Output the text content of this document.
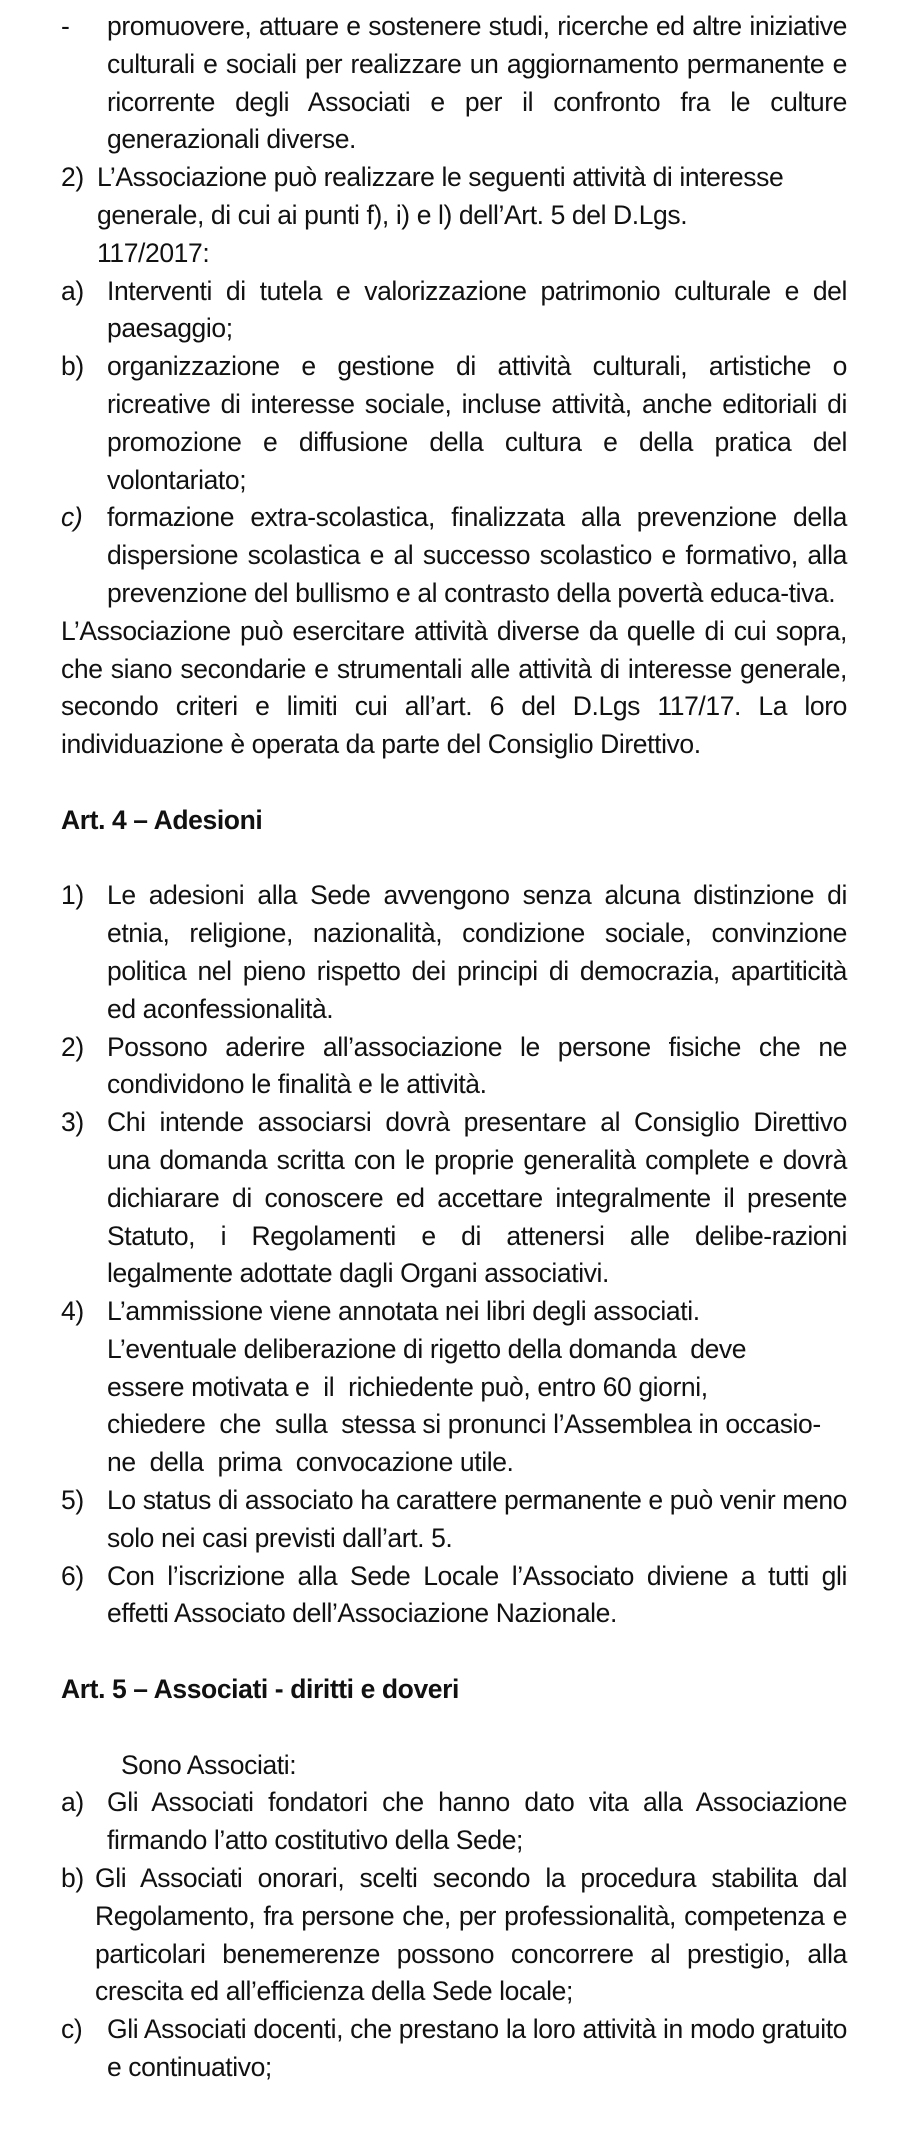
-	promuovere, attuare e sostenere studi, ricerche ed altre iniziative culturali e sociali per realizzare un aggiornamento permanente e ricorrente degli Associati e per il confronto fra le culture generazionali diverse.
2) L’Associazione può realizzare le seguenti attività di interesse generale, di cui ai punti f), i) e l) dell’Art. 5 del D.Lgs. 117/2017:
a) Interventi di tutela e valorizzazione patrimonio culturale e del paesaggio;
b) organizzazione e gestione di attività culturali, artistiche o ricreative di interesse sociale, incluse attività, anche editoriali di promozione e diffusione della cultura e della pratica del volontariato;
c) formazione extra-scolastica, finalizzata alla prevenzione della dispersione scolastica e al successo scolastico e formativo, alla prevenzione del bullismo e al contrasto della povertà educa-tiva.
L’Associazione può esercitare attività diverse da quelle di cui sopra, che siano secondarie e strumentali alle attività di interesse generale, secondo criteri e limiti cui all’art. 6 del D.Lgs 117/17. La loro individuazione è operata da parte del Consiglio Direttivo.
Art. 4 – Adesioni
1) Le adesioni alla Sede avvengono senza alcuna distinzione di etnia, religione, nazionalità, condizione sociale, convinzione politica nel pieno rispetto dei principi di democrazia, apartiticità ed aconfessionalità.
2) Possono aderire all’associazione le persone fisiche che ne condividono le finalità e le attività.
3) Chi intende associarsi dovrà presentare al Consiglio Direttivo una domanda scritta con le proprie generalità complete e dovrà dichiarare di conoscere ed accettare integralmente il presente Statuto, i Regolamenti e di attenersi alle delibe-razioni legalmente adottate dagli Organi associativi.
4) L’ammissione viene annotata nei libri degli associati.
L’eventuale deliberazione di rigetto della domanda  deve
essere motivata e  il  richiedente può, entro 60 giorni,
chiedere  che  sulla  stessa si pronunci l’Assemblea in occasio-
ne  della  prima  convocazione utile.
5) Lo status di associato ha carattere permanente e può venir meno solo nei casi previsti dall’art. 5.
6) Con l’iscrizione alla Sede Locale l’Associato diviene a tutti gli effetti Associato dell’Associazione Nazionale.
Art. 5 – Associati - diritti e doveri
Sono Associati:
a) Gli Associati fondatori che hanno dato vita alla Associazione firmando l’atto costitutivo della Sede;
b) Gli Associati onorari, scelti secondo la procedura stabilita dal Regolamento, fra persone che, per professionalità, competenza e particolari benemerenze possono concorrere al prestigio, alla crescita ed all’efficienza della Sede locale;
c) Gli Associati docenti, che prestano la loro attività in modo gratuito e continuativo;
